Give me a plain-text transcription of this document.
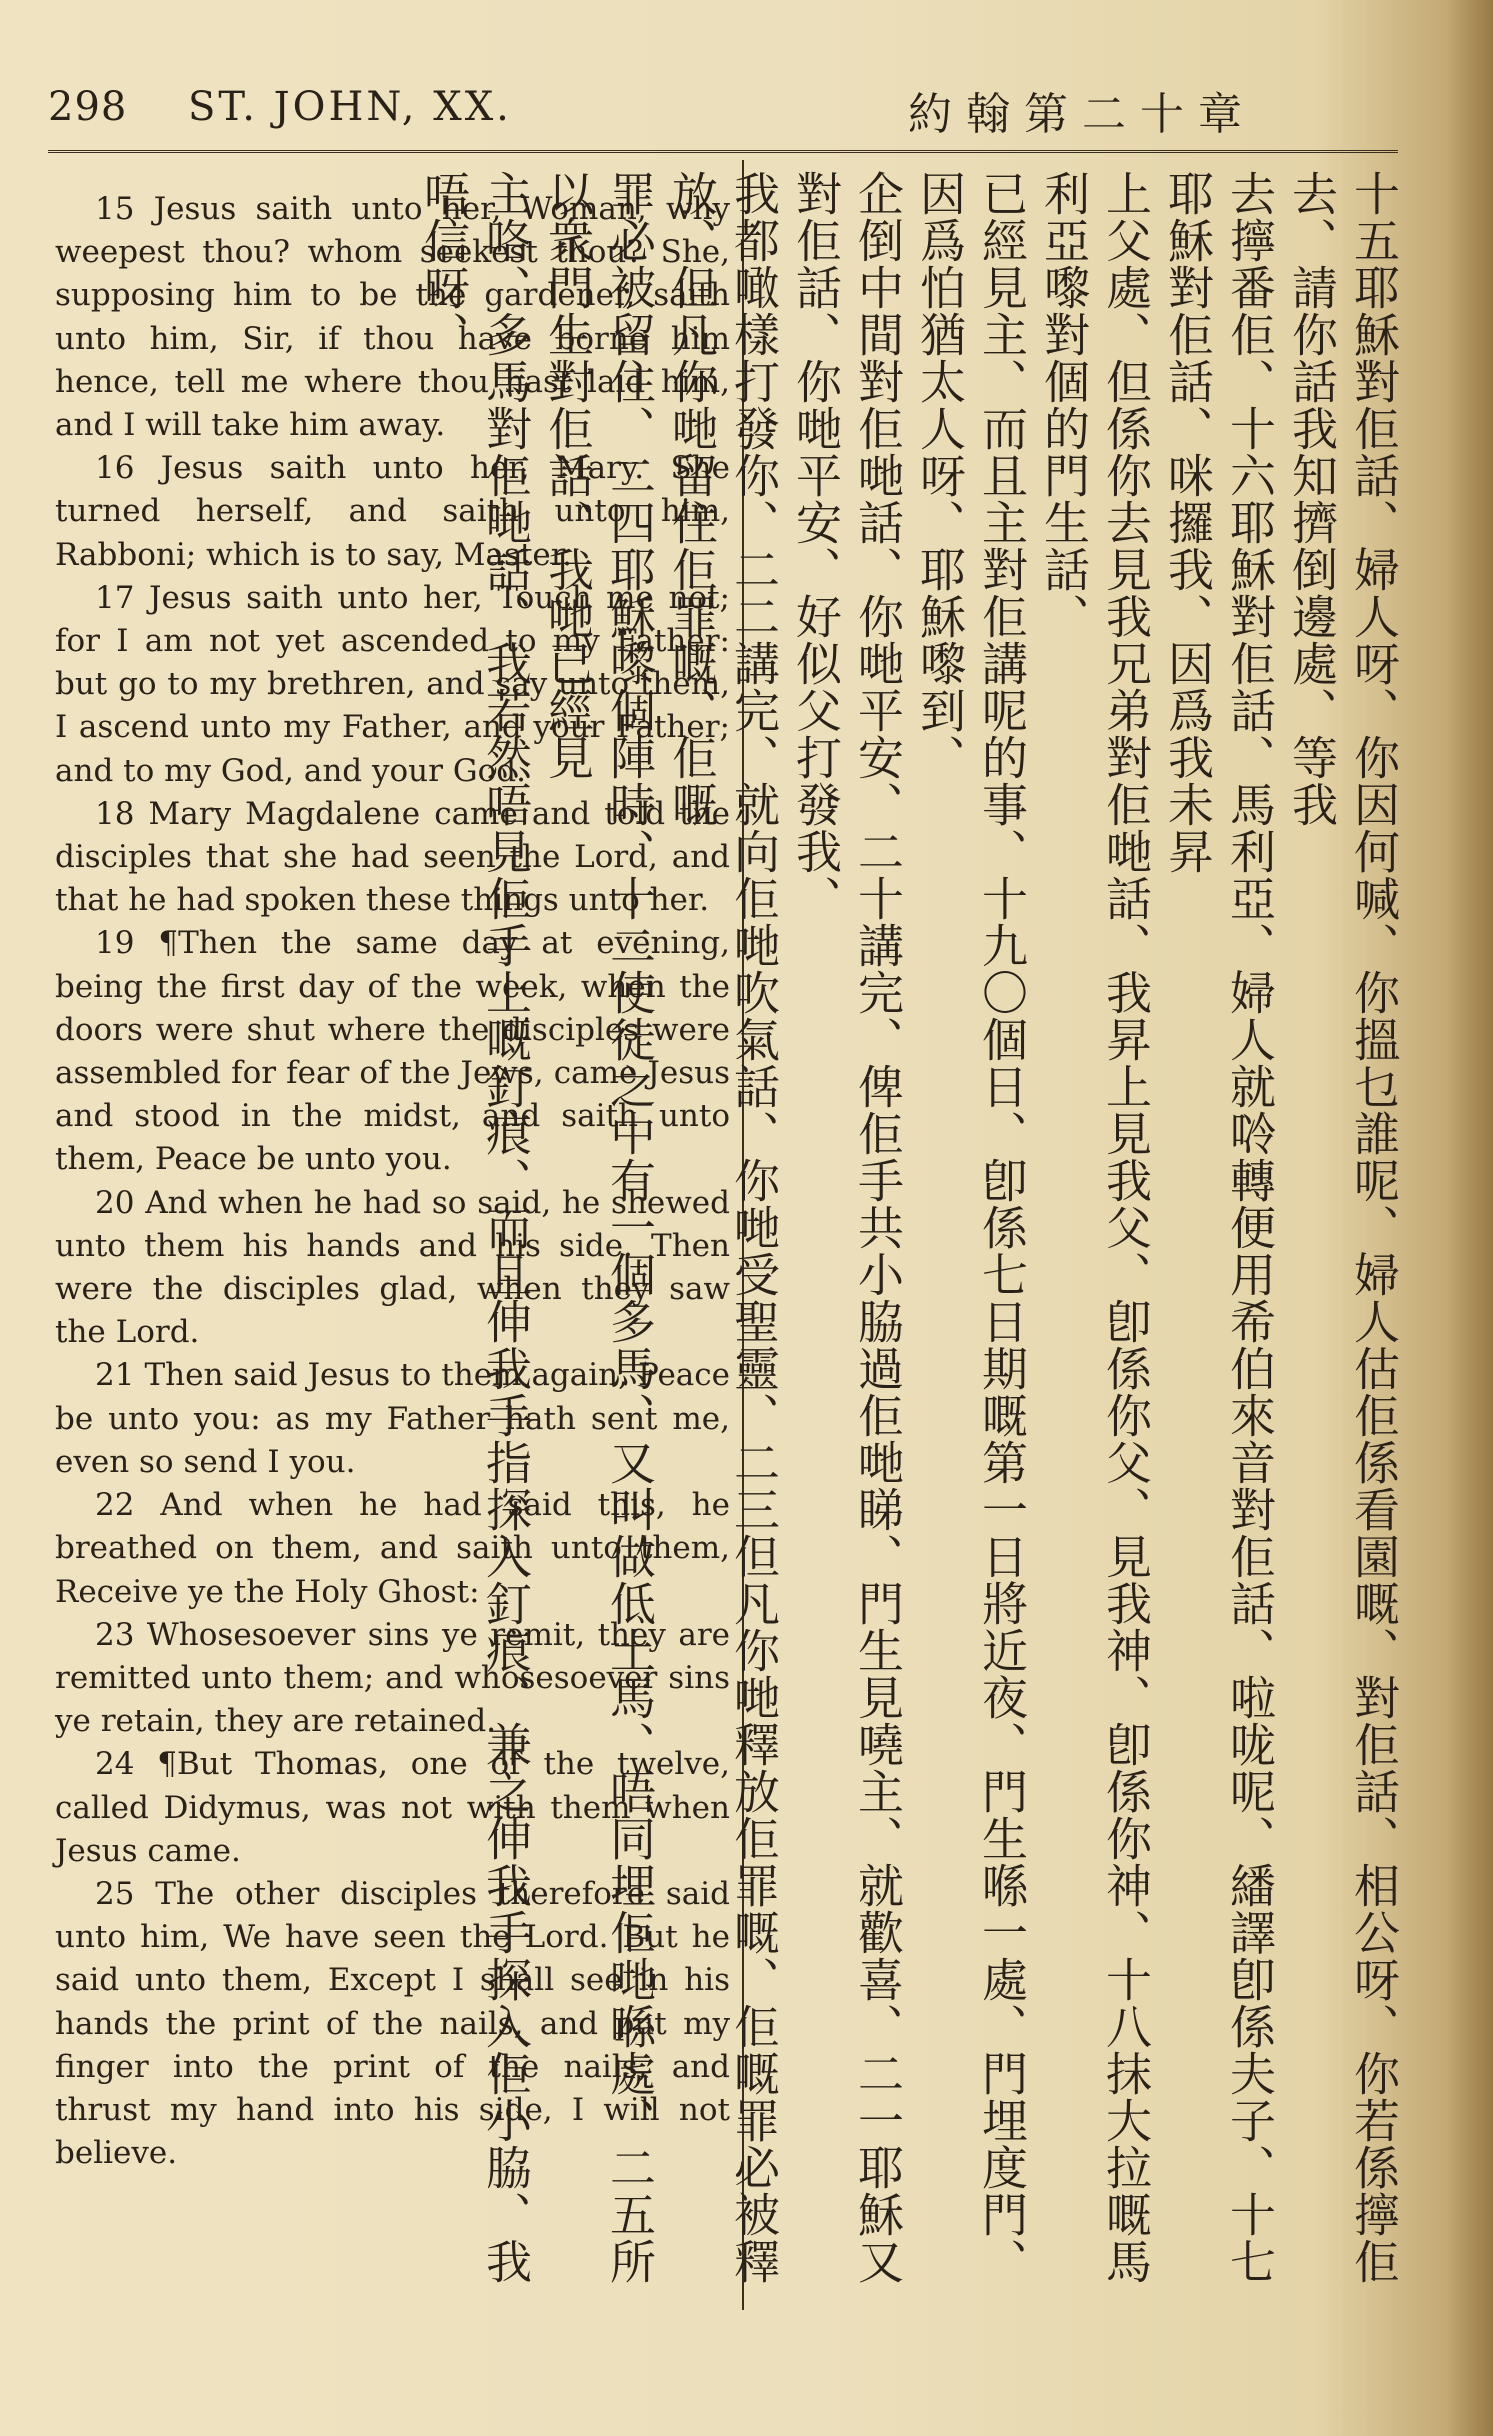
298 ST. JOHN, XX.	約翰第二十章

15 Jesus saith unto her, Woman, why weepest thou? whom seekest thou? She, supposing him to be the gardener, saith unto him, Sir, if thou have borne him hence, tell me where thou hast laid him, and I will take him away.

16 Jesus saith unto her, Mary. She turned herself, and saith unto him, Rabboni; which is to say, Master.

17 Jesus saith unto her, Touch me not; for I am not yet ascended to my Father: but go to my brethren, and say unto them, I ascend unto my Father, and your Father; and to my God, and your God.

18 Mary Magdalene came and told the disciples that she had seen the Lord, and that he had spoken these things unto her.

19 ¶Then the same day at evening, being the first day of the week, when the doors were shut where the disciples were assembled for fear of the Jews, came Jesus and stood in the midst, and saith unto them, Peace be unto you.

20 And when he had so said, he shewed unto them his hands and his side. Then were the disciples glad, when they saw the Lord.

21 Then said Jesus to them again, Peace be unto you: as my Father hath sent me, even so send I you.

22 And when he had said this, he breathed on them, and saith unto them, Receive ye the Holy Ghost:

23 Whosesoever sins ye remit, they are remitted unto them; and whosesoever sins ye retain, they are retained.

24 ¶But Thomas, one of the twelve, called Didymus, was not with them when Jesus came.

25 The other disciples therefore said unto him, We have seen the Lord. But he said unto them, Except I shall see in his hands the print of the nails, and put my finger into the print of the nails, and thrust my hand into his side, I will not believe.	十五耶穌對佢話、婦人呀、你因何喊、你搵乜誰呢、婦人估佢係看園嘅、對佢話、相公呀、你若係擰佢去、請你話我知擠倒邊處、等我

去擰番佢、十六耶穌對佢話、馬利亞、婦人就唥轉便用希伯來音對佢話、啦咙呢、繙譯卽係夫子、十七耶穌對佢話、咪攞我、因爲我未昇

上父處、但係你去見我兄弟對佢哋話、我昇上見我父、卽係你父、見我神、卽係你神、十八抹大拉嘅馬利亞嚟對個的門生話、

已經見主、而且主對佢講呢的事、十九〇個日、卽係七日期嘅第一日將近夜、門生喺一處、門埋度門、因爲怕猶太人呀、耶穌嚟到、

企倒中間對佢哋話、你哋平安、二十講完、俾佢手共小脇過佢哋睇、門生見嘵主、就歡喜、二一耶穌又對佢話、你哋平安、好似父打發我、

我都噉樣打發你、二二講完、就向佢哋吹氣話、你哋受聖靈、二三但凡你哋釋放佢罪嘅、佢嘅罪必被釋放、但凡你哋留住佢罪嘅、佢嘅

罪必被留住、二四耶穌嚟個陣時、十二使徒之中有一個多馬、又叫做低土馬、唔同埋佢哋喺處、二五所以衆門生對佢話、我哋已經見

主咯、多馬對佢哋話、我若然唔見佢手上嘅釘痕、而且伸我手指探入釘痕、兼之伸我手探入佢小脇、我唔信呀、
